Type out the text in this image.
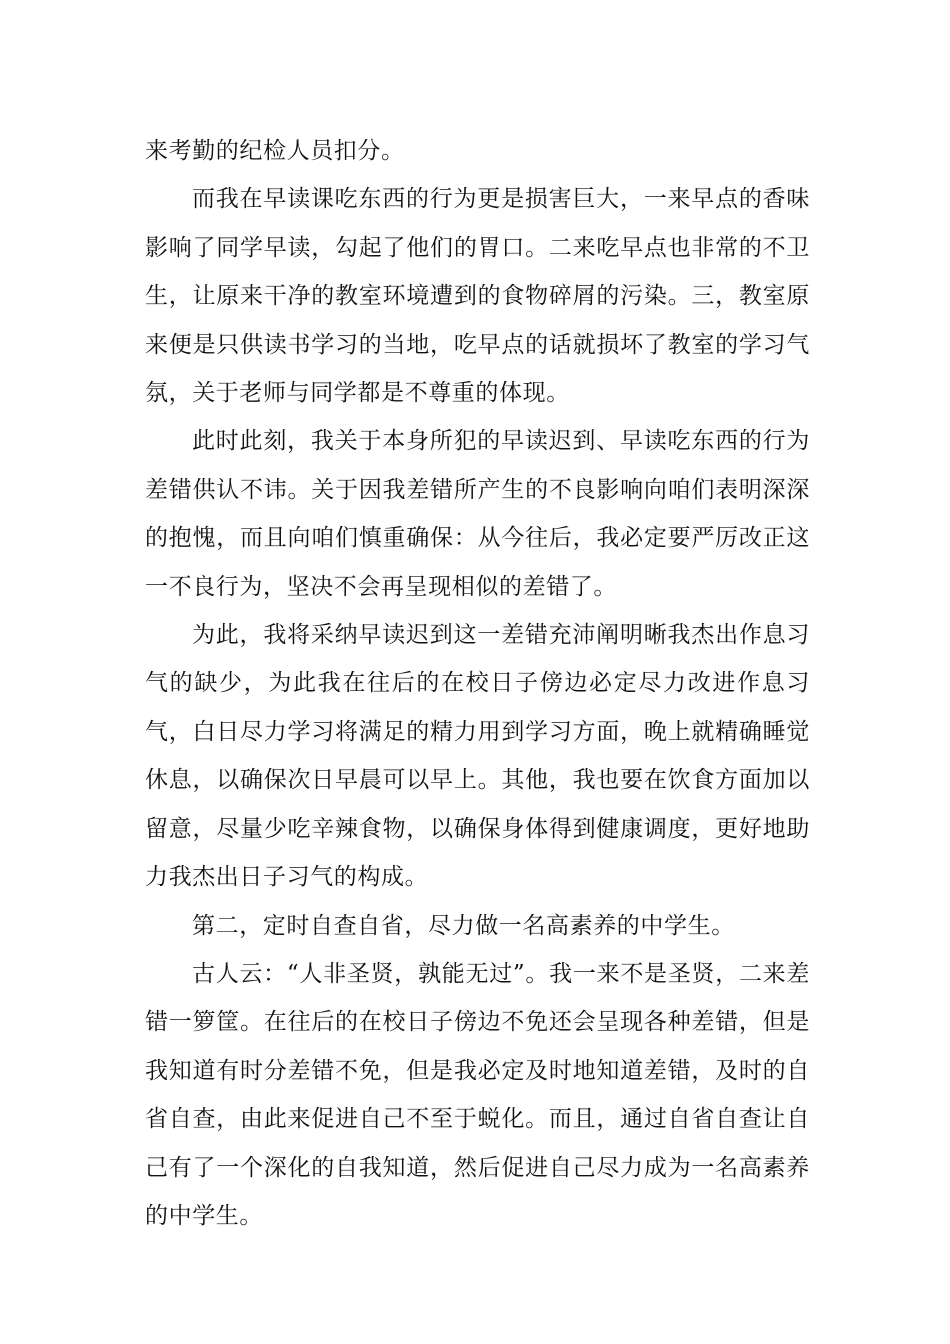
来考勤的纪检人员扣分。

而我在早读课吃东西的行为更是损害巨大，一来早点的香味影响了同学早读，勾起了他们的胃口。二来吃早点也非常的不卫生，让原来干净的教室环境遭到的食物碎屑的污染。三，教室原来便是只供读书学习的当地，吃早点的话就损坏了教室的学习气氛，关于老师与同学都是不尊重的体现。

此时此刻，我关于本身所犯的早读迟到、早读吃东西的行为差错供认不讳。关于因我差错所产生的不良影响向咱们表明深深的抱愧，而且向咱们慎重确保：从今往后，我必定要严厉改正这一不良行为，坚决不会再呈现相似的差错了。

为此，我将采纳早读迟到这一差错充沛阐明晰我杰出作息习气的缺少，为此我在往后的在校日子傍边必定尽力改进作息习气，白日尽力学习将满足的精力用到学习方面，晚上就精确睡觉休息，以确保次日早晨可以早上。其他，我也要在饮食方面加以留意，尽量少吃辛辣食物，以确保身体得到健康调度，更好地助力我杰出日子习气的构成。

第二，定时自查自省，尽力做一名高素养的中学生。

古人云：“人非圣贤，孰能无过”。我一来不是圣贤，二来差错一箩筐。在往后的在校日子傍边不免还会呈现各种差错，但是我知道有时分差错不免，但是我必定及时地知道差错，及时的自省自查，由此来促进自己不至于蜕化。而且，通过自省自查让自己有了一个深化的自我知道，然后促进自己尽力成为一名高素养的中学生。
